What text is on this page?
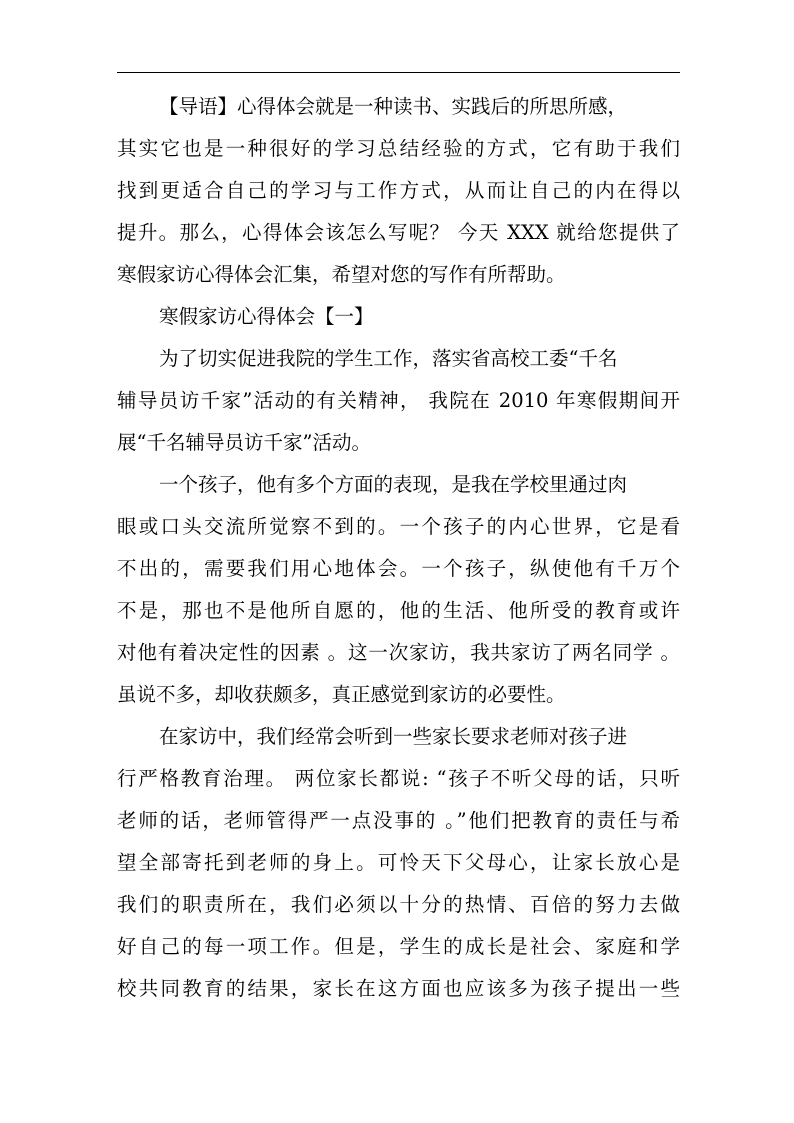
【导语】心得体会就是一种读书、实践后的所思所感，
其实它也是一种很好的学习总结经验的方式，它有助于我们
找到更适合自己的学习与工作方式，从而让自己的内在得以
提升。那么，心得体会该怎么写呢？ 今天 XXX 就给您提供了
寒假家访心得体会汇集，希望对您的写作有所帮助。
寒假家访心得体会【一】
为了切实促进我院的学生工作，落实省高校工委“千名
辅导员访千家”活动的有关精神， 我院在 2010 年寒假期间开
展“千名辅导员访千家”活动。
一个孩子，他有多个方面的表现，是我在学校里通过肉
眼或口头交流所觉察不到的。一个孩子的内心世界，它是看
不出的，需要我们用心地体会。一个孩子，纵使他有千万个
不是，那也不是他所自愿的，他的生活、他所受的教育或许
对他有着决定性的因素 。这一次家访，我共家访了两名同学 。
虽说不多，却收获颇多，真正感觉到家访的必要性。
在家访中，我们经常会听到一些家长要求老师对孩子进
行严格教育治理。 两位家长都说: “孩子不听父母的话，只听
老师的话，老师管得严一点没事的 。”他们把教育的责任与希
望全部寄托到老师的身上。可怜天下父母心，让家长放心是
我们的职责所在，我们必须以十分的热情、百倍的努力去做
好自己的每一项工作。但是，学生的成长是社会、家庭和学
校共同教育的结果，家长在这方面也应该多为孩子提出一些
